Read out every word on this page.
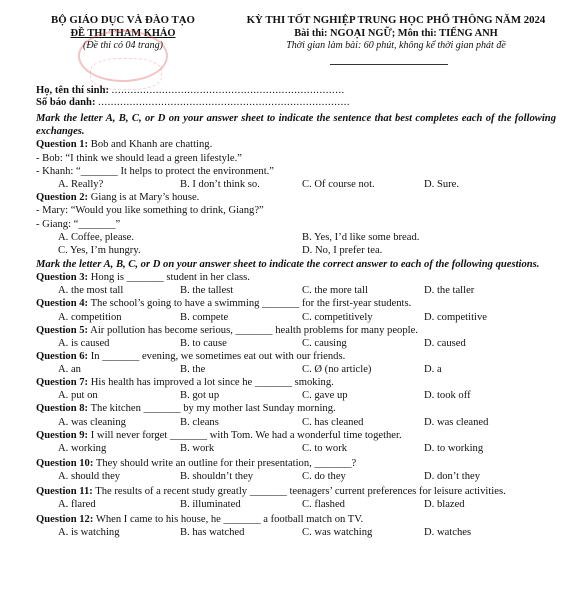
BỘ GIÁO DỤC VÀ ĐÀO TẠO
ĐỀ THI THAM KHẢO
(Đề thi có 04 trang)
KỲ THI TỐT NGHIỆP TRUNG HỌC PHỔ THÔNG NĂM 2024
Bài thi: NGOẠI NGỮ; Môn thi: TIẾNG ANH
Thời gian làm bài: 60 phút, không kể thời gian phát đề
Họ, tên thí sinh: ..........................................................................
Số báo danh: ................................................................................

Mark the letter A, B, C, or D on your answer sheet to indicate the sentence that best completes each of the following exchanges.

Question 1: Bob and Khanh are chatting.

- Bob: “I think we should lead a green lifestyle.”

- Khanh: “_______ It helps to protect the environment.”

A. Really?	B. I don’t think so.	C. Of course not.	D. Sure.

Question 2: Giang is at Mary’s house.

- Mary: “Would you like something to drink, Giang?”

- Giang: “_______”

A. Coffee, please.	B. Yes, I’d like some bread.
C. Yes, I’m hungry.	D. No, I prefer tea.

Mark the letter A, B, C, or D on your answer sheet to indicate the correct answer to each of the following questions.

Question 3: Hong is _______ student in her class.

A. the most tall	B. the tallest	C. the more tall	D. the taller

Question 4: The school’s going to have a swimming _______ for the first-year students.

A. competition	B. compete	C. competitively	D. competitive

Question 5: Air pollution has become serious, _______ health problems for many people.

A. is caused	B. to cause	C. causing	D. caused

Question 6: In _______ evening, we sometimes eat out with our friends.

A. an	B. the	C. Ø (no article)	D. a

Question 7: His health has improved a lot since he _______ smoking.

A. put on	B. got up	C. gave up	D. took off

Question 8: The kitchen _______ by my mother last Sunday morning.

A. was cleaning	B. cleans	C. has cleaned	D. was cleaned

Question 9: I will never forget _______ with Tom. We had a wonderful time together.

A. working	B. work	C. to work	D. to working

Question 10: They should write an outline for their presentation, _______?

A. should they	B. shouldn’t they	C. do they	D. don’t they

Question 11: The results of a recent study greatly _______ teenagers’ current preferences for leisure activities.

A. flared	B. illuminated	C. flashed	D. blazed

Question 12: When I came to his house, he _______ a football match on TV.

A. is watching	B. has watched	C. was watching	D. watches
